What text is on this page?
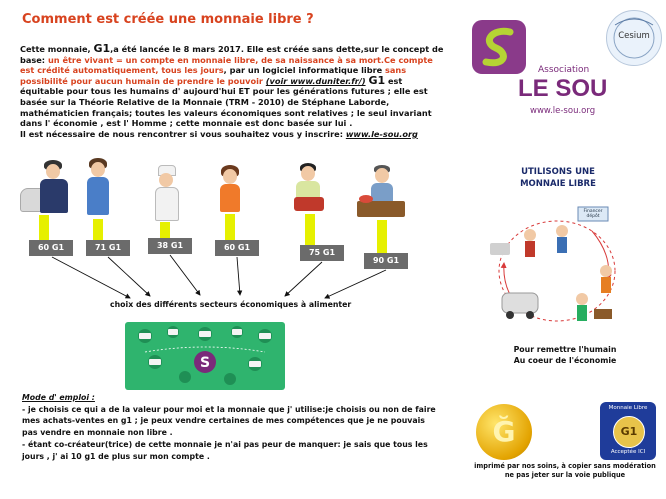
Comment est créée une monnaie libre ?
Cette monnaie, G1,a été lancée le 8 mars 2017. Elle est créée sans dette,sur le concept de base: un être vivant = un compte en monnaie libre, de sa naissance à sa mort.Ce compte est crédité automatiquement, tous les jours, par un logiciel informatique libre sans possibilité pour aucun humain de prendre le pouvoir (voir www.duniter.fr/) G1 est équitable pour tous les humains d' aujourd'hui ET pour les générations futures ; elle est basée sur la Théorie Relative de la Monnaie (TRM - 2010) de Stéphane Laborde, mathématicien français; toutes les valeurs économiques sont relatives ; le seul invariant dans l' économie , est l' Homme ; cette monnaie est donc basée sur lui .
Il est nécessaire de nous rencontrer si vous souhaitez vous y inscrire: www.le-sou.org
60 G1	71 G1	38 G1	60 G1
75 G1
90 G1
choix des différents secteurs économiques à alimenter
S
Mode d' emploi :
- je choisis ce qui a de la valeur pour moi et la monnaie que j' utilise:je choisis ou non de faire mes achats-ventes en g1 ; je peux vendre certaines de mes compétences que je ne pouvais pas vendre en monnaie non libre .
- étant co-créateur(trice) de cette monnaie je n'ai pas peur de manquer: je sais que tous les jours , j' ai 10 g1 de plus sur mon compte .
Cesium
Association
LE SOU
www.le-sou.org
UTILISONS UNE MONNAIE LIBRE
Financer dépôt
Pour remettre l'humain
Au coeur de l'économie
Ğ
Monnaie Libre
G1
Acceptée ICI
imprimé par nos soins, à copier sans modération ne pas jeter sur la voie publique
